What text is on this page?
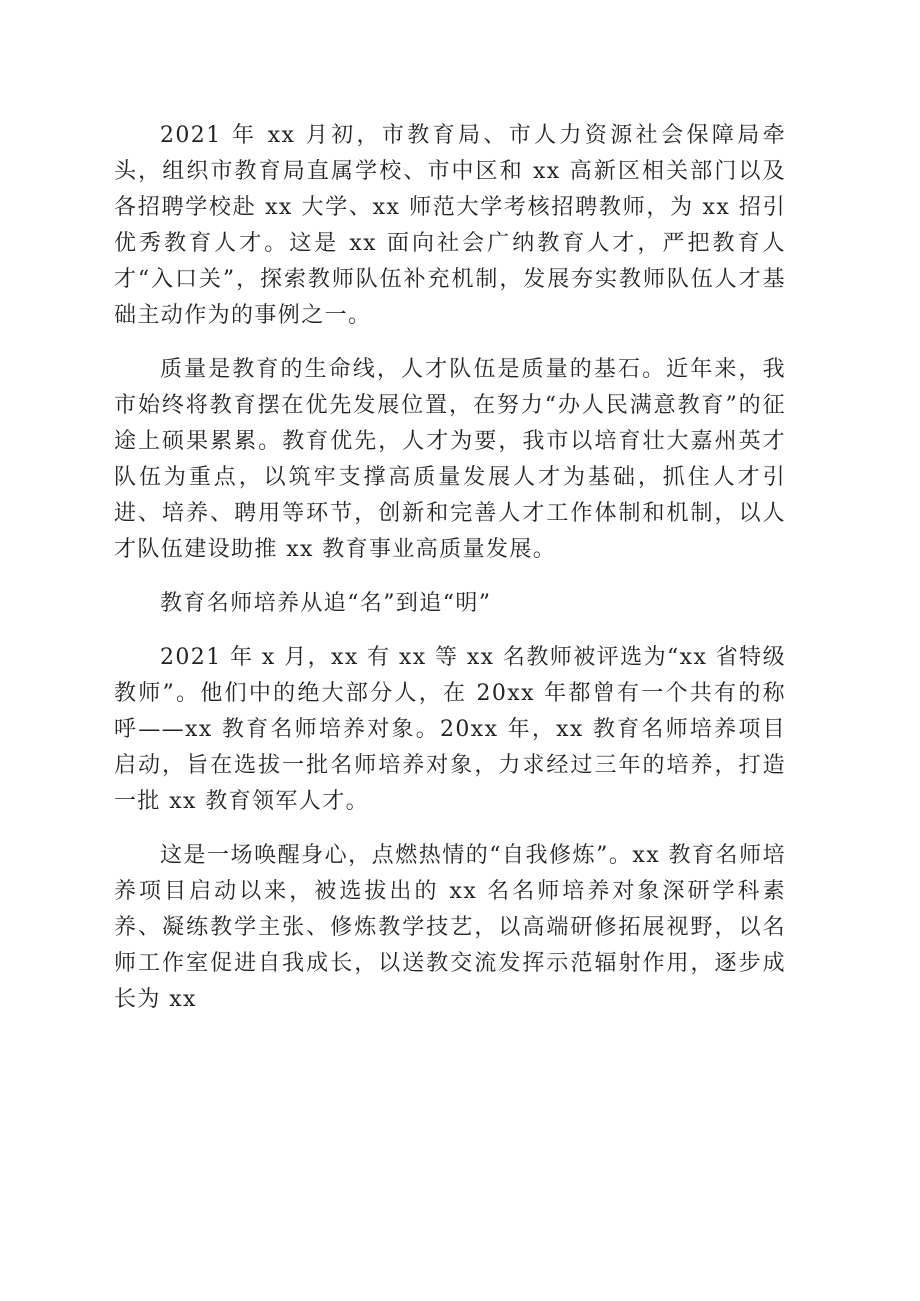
2021 年 xx 月初，市教育局、市人力资源社会保障局牵头，组织市教育局直属学校、市中区和 xx 高新区相关部门以及各招聘学校赴 xx 大学、xx 师范大学考核招聘教师，为 xx 招引优秀教育人才。这是 xx 面向社会广纳教育人才，严把教育人才“入口关”，探索教师队伍补充机制，发展夯实教师队伍人才基础主动作为的事例之一。

质量是教育的生命线，人才队伍是质量的基石。近年来，我市始终将教育摆在优先发展位置，在努力“办人民满意教育”的征途上硕果累累。教育优先，人才为要，我市以培育壮大嘉州英才队伍为重点，以筑牢支撑高质量发展人才为基础，抓住人才引进、培养、聘用等环节，创新和完善人才工作体制和机制，以人才队伍建设助推 xx 教育事业高质量发展。

教育名师培养从追“名”到追“明”

2021 年 x 月，xx 有 xx 等 xx 名教师被评选为“xx 省特级教师”。他们中的绝大部分人，在 20xx 年都曾有一个共有的称呼——xx 教育名师培养对象。20xx 年，xx 教育名师培养项目启动，旨在选拔一批名师培养对象，力求经过三年的培养，打造一批 xx 教育领军人才。

这是一场唤醒身心，点燃热情的“自我修炼”。xx 教育名师培养项目启动以来，被选拔出的 xx 名名师培养对象深研学科素养、凝练教学主张、修炼教学技艺，以高端研修拓展视野，以名师工作室促进自我成长，以送教交流发挥示范辐射作用，逐步成长为 xx
